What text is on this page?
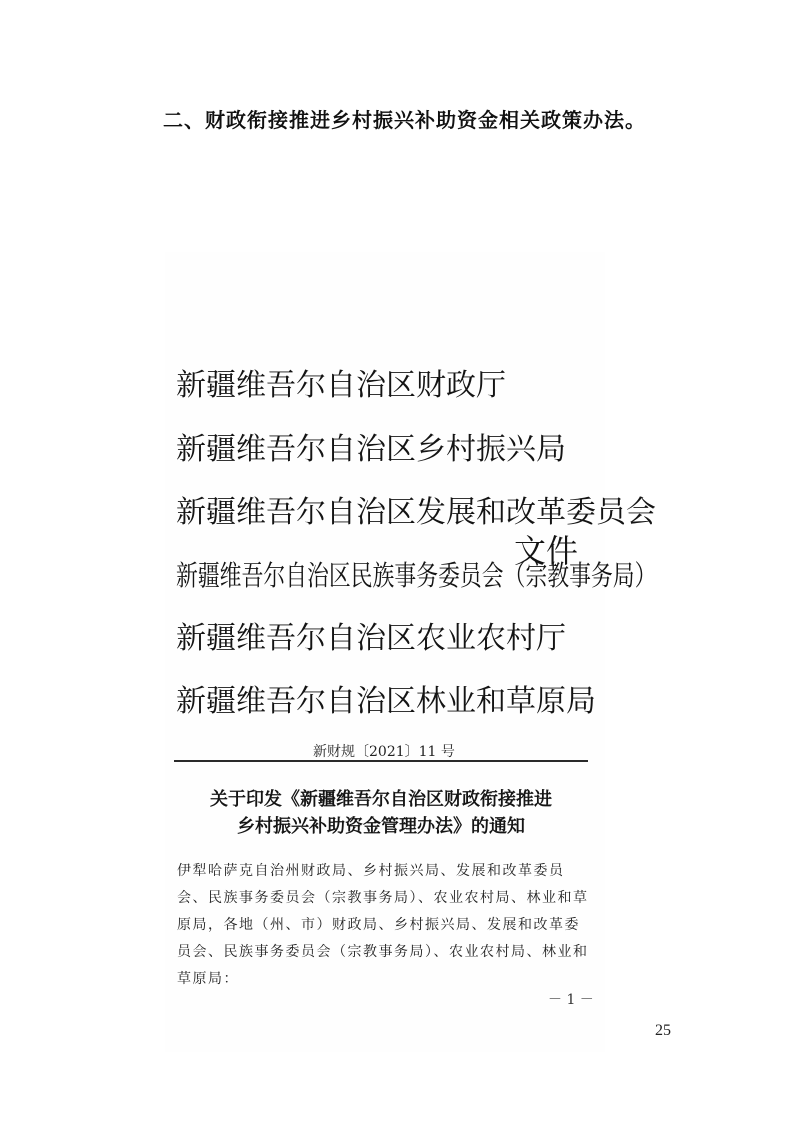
二、财政衔接推进乡村振兴补助资金相关政策办法。
新疆维吾尔自治区财政厅
新疆维吾尔自治区乡村振兴局
新疆维吾尔自治区发展和改革委员会
新疆维吾尔自治区民族事务委员会（宗教事务局）
新疆维吾尔自治区农业农村厅
新疆维吾尔自治区林业和草原局
文件
新财规〔2021〕11 号
关于印发《新疆维吾尔自治区财政衔接推进
乡村振兴补助资金管理办法》的通知
伊犁哈萨克自治州财政局、乡村振兴局、发展和改革委员会、民族事务委员会（宗教事务局）、农业农村局、林业和草原局，各地（州、市）财政局、乡村振兴局、发展和改革委员会、民族事务委员会（宗教事务局）、农业农村局、林业和草原局：
－ 1 －
25
